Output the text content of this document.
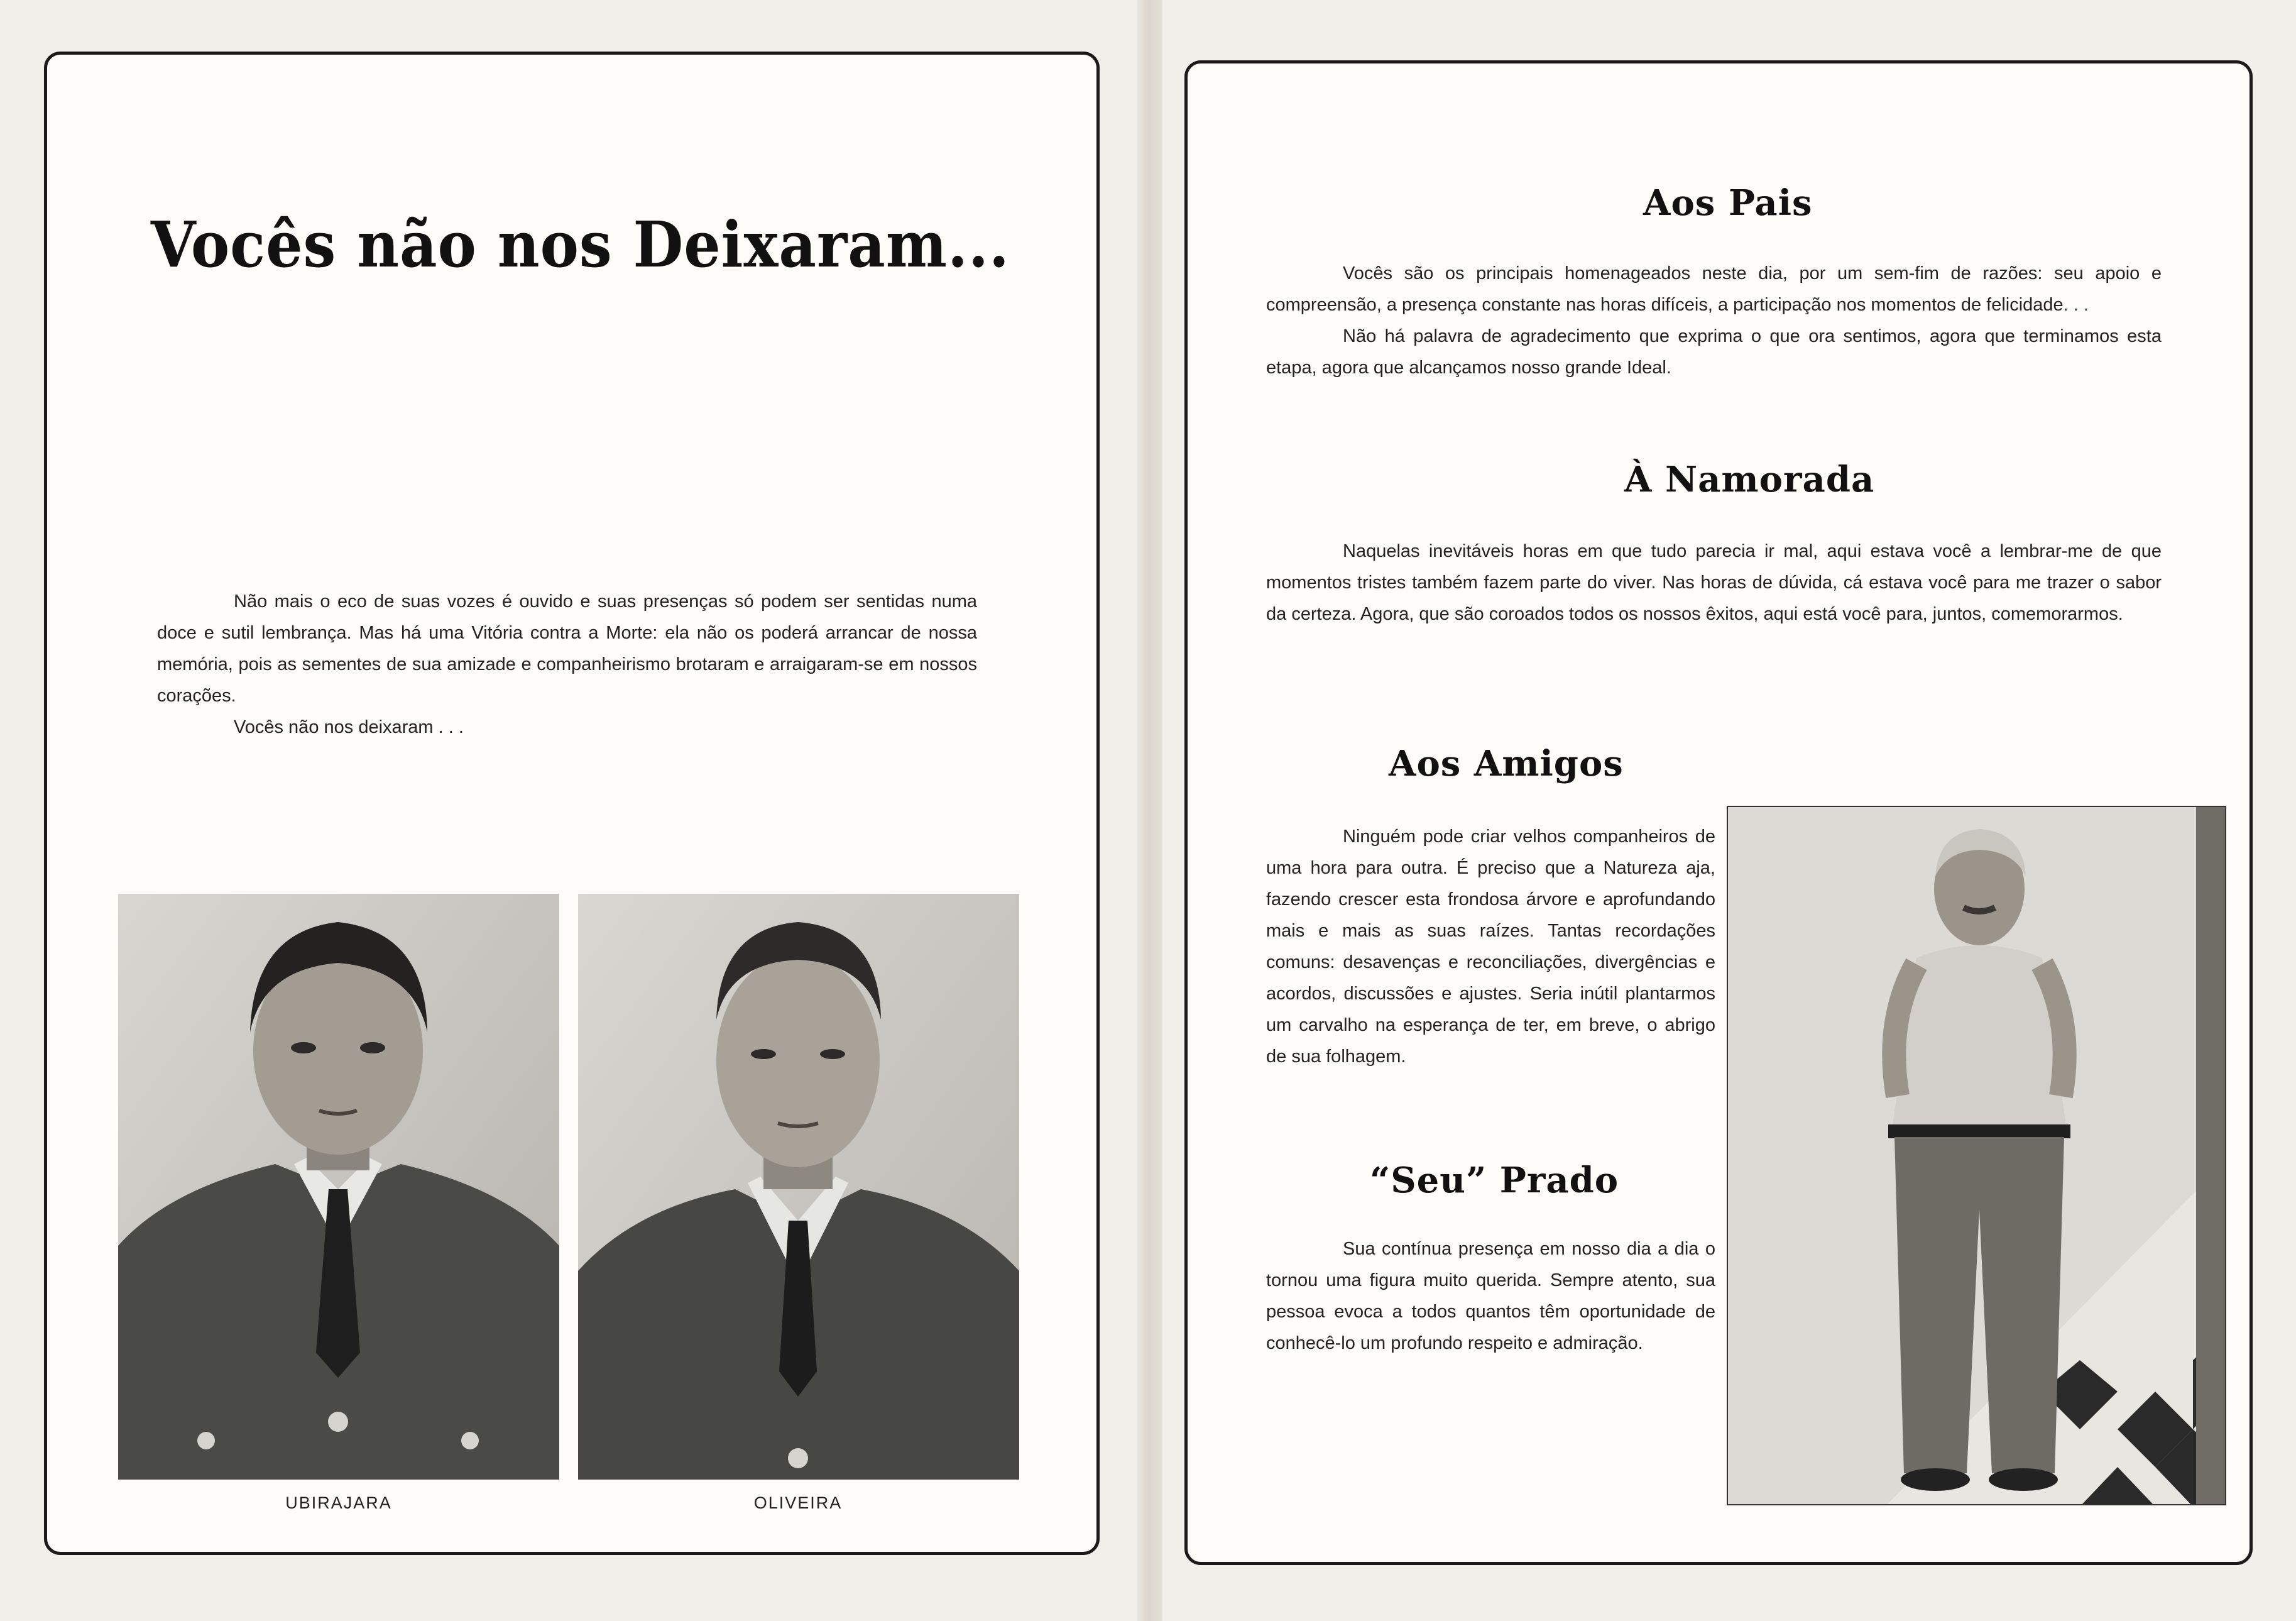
Vocês não nos Deixaram...

Não mais o eco de suas vozes é ouvido e suas presenças só podem ser sentidas numa doce e sutil lembrança. Mas há uma Vitória contra a Morte: ela não os poderá arrancar de nossa memória, pois as sementes de sua amizade e companheirismo brotaram e arraigaram-se em nossos corações.

Vocês não nos deixaram . . .

UBIRAJARA	OLIVEIRA
Aos Pais

Vocês são os principais homenageados neste dia, por um sem-fim de razões: seu apoio e compreensão, a presença constante nas horas difíceis, a participação nos momentos de felicidade. . .

Não há palavra de agradecimento que exprima o que ora sentimos, agora que terminamos esta etapa, agora que alcançamos nosso grande Ideal.

À Namorada

Naquelas inevitáveis horas em que tudo parecia ir mal, aqui estava você a lembrar-me de que momentos tristes também fazem parte do viver. Nas horas de dúvida, cá estava você para me trazer o sabor da certeza. Agora, que são coroados todos os nossos êxitos, aqui está você para, juntos, comemorarmos.

Aos Amigos

Ninguém pode criar velhos companheiros de uma hora para outra. É preciso que a Natureza aja, fazendo crescer esta frondosa árvore e aprofundando mais e mais as suas raízes. Tantas recordações comuns: desavenças e reconciliações, divergências e acordos, discussões e ajustes. Seria inútil plantarmos um carvalho na esperança de ter, em breve, o abrigo de sua folhagem.

“Seu” Prado

Sua contínua presença em nosso dia a dia o tornou uma figura muito querida. Sempre atento, sua pessoa evoca a todos quantos têm oportunidade de conhecê-lo um profundo respeito e admiração.
